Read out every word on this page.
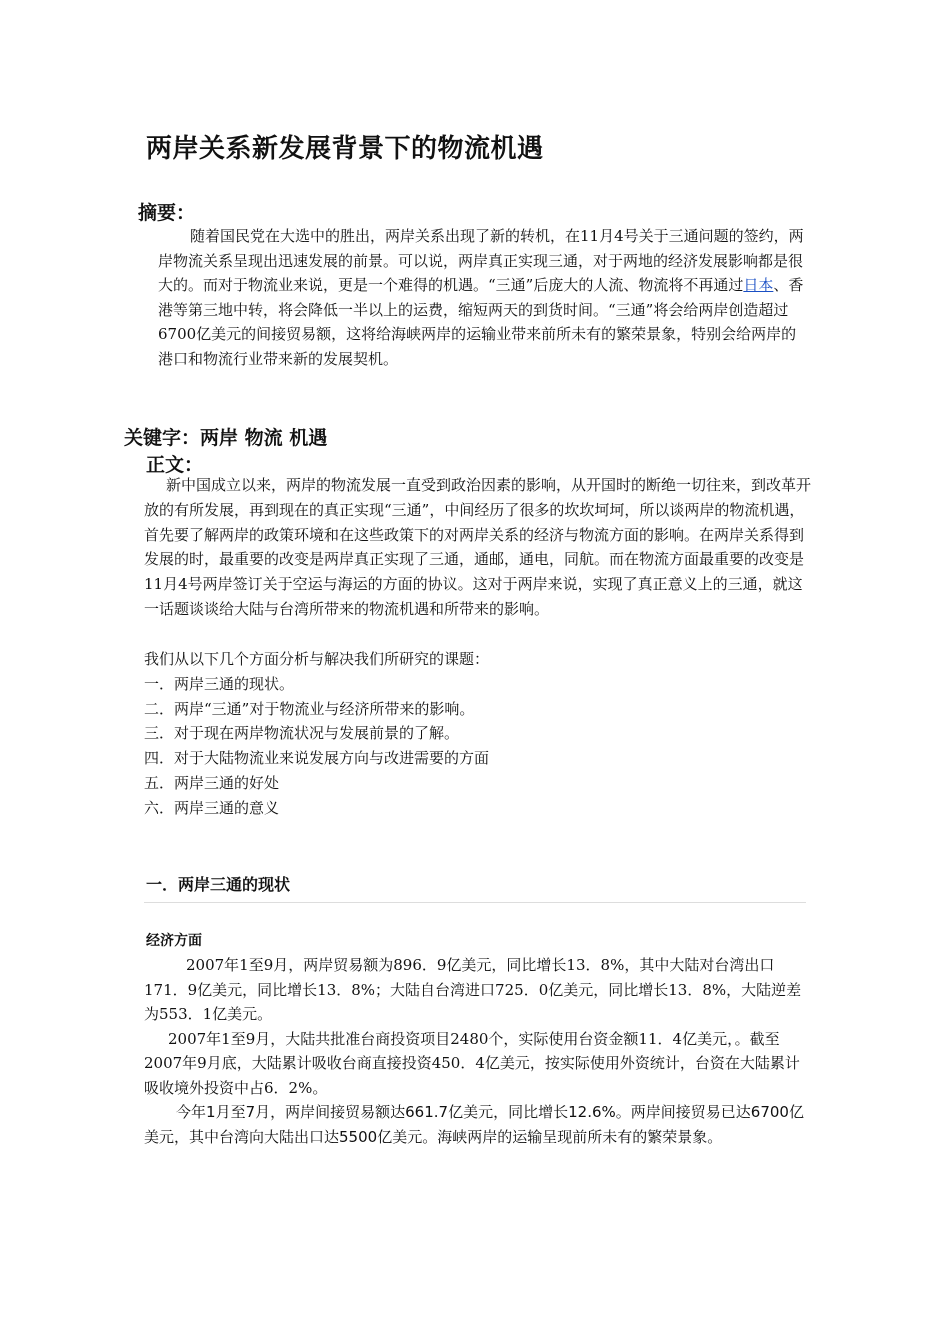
两岸关系新发展背景下的物流机遇
摘要：
随着国民党在大选中的胜出，两岸关系出现了新的转机，在11月4号关于三通问题的签约，两岸物流关系呈现出迅速发展的前景。可以说，两岸真正实现三通，对于两地的经济发展影响都是很大的。而对于物流业来说，更是一个难得的机遇。“三通”后庞大的人流、物流将不再通过日本、香港等第三地中转，将会降低一半以上的运费，缩短两天的到货时间。“三通”将会给两岸创造超过6700亿美元的间接贸易额，这将给海峡两岸的运输业带来前所未有的繁荣景象，特别会给两岸的港口和物流行业带来新的发展契机。
关键字：两岸 物流 机遇
正文：

新中国成立以来，两岸的物流发展一直受到政治因素的影响，从开国时的断绝一切往来，到改革开放的有所发展，再到现在的真正实现“三通”，中间经历了很多的坎坎坷坷，所以谈两岸的物流机遇，首先要了解两岸的政策环境和在这些政策下的对两岸关系的经济与物流方面的影响。在两岸关系得到发展的时，最重要的改变是两岸真正实现了三通，通邮，通电，同航。而在物流方面最重要的改变是11月4号两岸签订关于空运与海运的方面的协议。这对于两岸来说，实现了真正意义上的三通，就这一话题谈谈给大陆与台湾所带来的物流机遇和所带来的影响。

我们从以下几个方面分析与解决我们所研究的课题：

一．两岸三通的现状。

二．两岸“三通”对于物流业与经济所带来的影响。

三．对于现在两岸物流状况与发展前景的了解。

四．对于大陆物流业来说发展方向与改进需要的方面

五．两岸三通的好处

六．两岸三通的意义

一．两岸三通的现状
经济方面

2007年1至9月，两岸贸易额为896．9亿美元，同比增长13．8%，其中大陆对台湾出口171．9亿美元，同比增长13．8%；大陆自台湾进口725．0亿美元，同比增长13．8%，大陆逆差为553．1亿美元。

2007年1至9月，大陆共批准台商投资项目2480个，实际使用台资金额11．4亿美元，。截至2007年9月底，大陆累计吸收台商直接投资450．4亿美元，按实际使用外资统计，台资在大陆累计吸收境外投资中占6．2%。

今年1月至7月，两岸间接贸易额达661.7亿美元，同比增长12.6%。两岸间接贸易已达6700亿美元，其中台湾向大陆出口达5500亿美元。海峡两岸的运输呈现前所未有的繁荣景象。
